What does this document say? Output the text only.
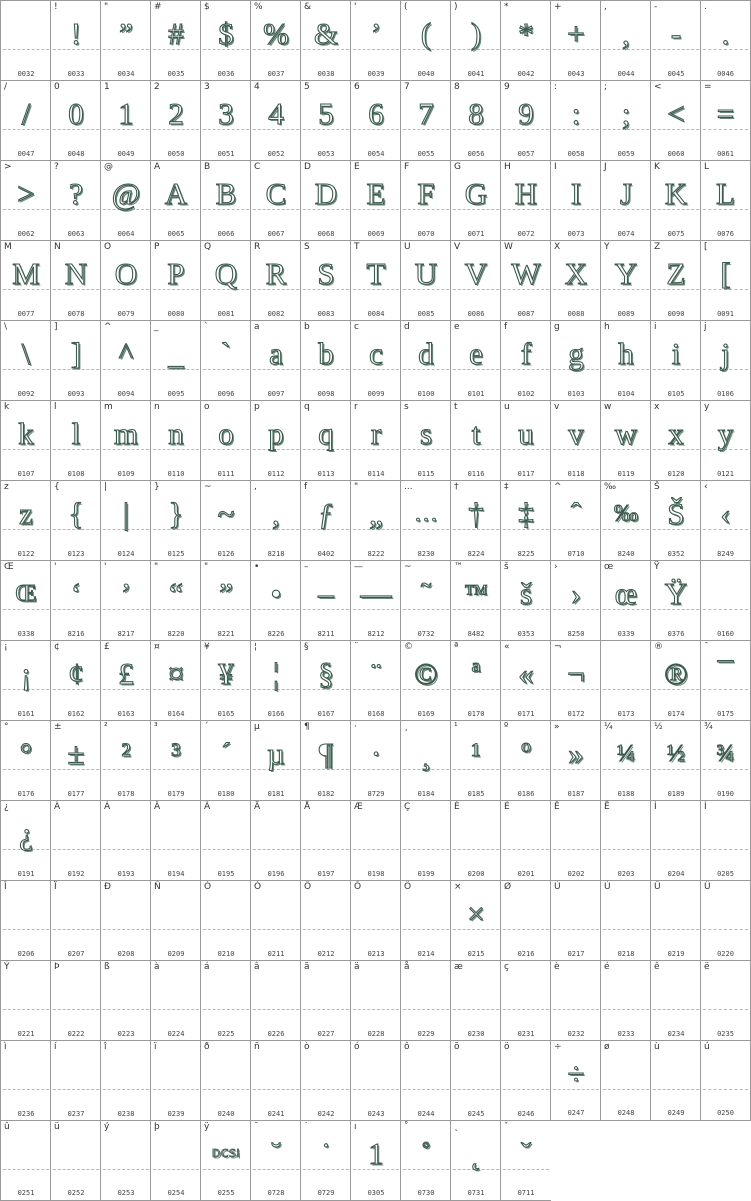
0032
!
!
0033
"
”
0034
#
#
0035
$
$
0036
%
%
0037
&
&
0038
'
’
0039
(
(
0040
)
)
0041
*
*
0042
+
+
0043
,
,
0044
-
-
0045
.
.
0046
/
/
0047
0
0
0048
1
1
0049
2
2
0050
3
3
0051
4
4
0052
5
5
0053
6
6
0054
7
7
0055
8
8
0056
9
9
0057
:
:
0058
;
;
0059
<
<
0060
=
=
0061
>
>
0062
?
?
0063
@
@
0064
A
A
0065
B
B
0066
C
C
0067
D
D
0068
E
E
0069
F
F
0070
G
G
0071
H
H
0072
I
I
0073
J
J
0074
K
K
0075
L
L
0076
M
M
0077
N
N
0078
O
O
0079
P
P
0080
Q
Q
0081
R
R
0082
S
S
0083
T
T
0084
U
U
0085
V
V
0086
W
W
0087
X
X
0088
Y
Y
0089
Z
Z
0090
[
[
0091
\
\
0092
]
]
0093
^
^
0094
_
_
0095
`
`
0096
a
a
0097
b
b
0098
c
c
0099
d
d
0100
e
e
0101
f
f
0102
g
g
0103
h
h
0104
i
i
0105
j
j
0106
k
k
0107
l
l
0108
m
m
0109
n
n
0110
o
o
0111
p
p
0112
q
q
0113
r
r
0114
s
s
0115
t
t
0116
u
u
0117
v
v
0118
w
w
0119
x
x
0120
y
y
0121
z
z
0122
{
{
0123
|
|
0124
}
}
0125
~
~
0126
,
,
8218
f
ƒ
0402
"
„
8222
...
…
8230
†
†
8224
‡
‡
8225
^
ˆ
0710
‰
‰
8240
Š
Š
0352
‹
‹
8249
Œ
Œ
0338
'
‘
8216
'
’
8217
"
“
8220
"
”
8221
•
•
8226
–
–
8211
—
—
8212
~
˜
0732
™
™
8482
š
š
0353
›
›
8250
œ
œ
0339
Ÿ
Ÿ
0376	0160
¡
¡
0161
¢
¢
0162
£
£
0163
¤
¤
0164
¥
¥
0165
¦
¦
0166
§
§
0167
¨
¨
0168
©
©
0169
ª
ª
0170
«
«
0171
¬
¬
0172	0173
®
®
0174
¯
¯
0175
°
°
0176
±
±
0177
²
²
0178
³
³
0179
´
´
0180
µ
µ
0181
¶
¶
0182
·
·
8729
¸
¸
0184
¹
¹
0185
º
º
0186
»
»
0187
¼
¼
0188
½
½
0189
¾
¾
0190
¿
¿
0191
À
0192
Á
0193
Â
0194
Ã
0195
Ä
0196
Å
0197
Æ
0198
Ç
0199
È
0200
É
0201
Ê
0202
Ë
0203
Ì
0204
Í
0205
Î
0206
Ï
0207
Ð
0208
Ñ
0209
Ò
0210
Ó
0211
Ô
0212
Õ
0213
Ö
0214
×
×
0215
Ø
0216
Ù
0217
Ú
0218
Û
0219
Ü
0220
Ý
0221
Þ
0222
ß
0223
à
0224
á
0225
â
0226
ã
0227
ä
0228
å
0229
æ
0230
ç
0231
è
0232
é
0233
ê
0234
ë
0235
ì
0236
í
0237
î
0238
ï
0239
ð
0240
ñ
0241
ò
0242
ó
0243
ô
0244
õ
0245
ö
0246
÷
÷
0247
ø
0248
ù
0249
ú
0250
û
0251
ü
0252
ý
0253
þ
0254
ÿ
DCSi
0255
˘
˘
0728
˙
˙
0729
ı
1
0305
˚
˚
0730
˛
˛
0731
ˇ
ˇ
0711
